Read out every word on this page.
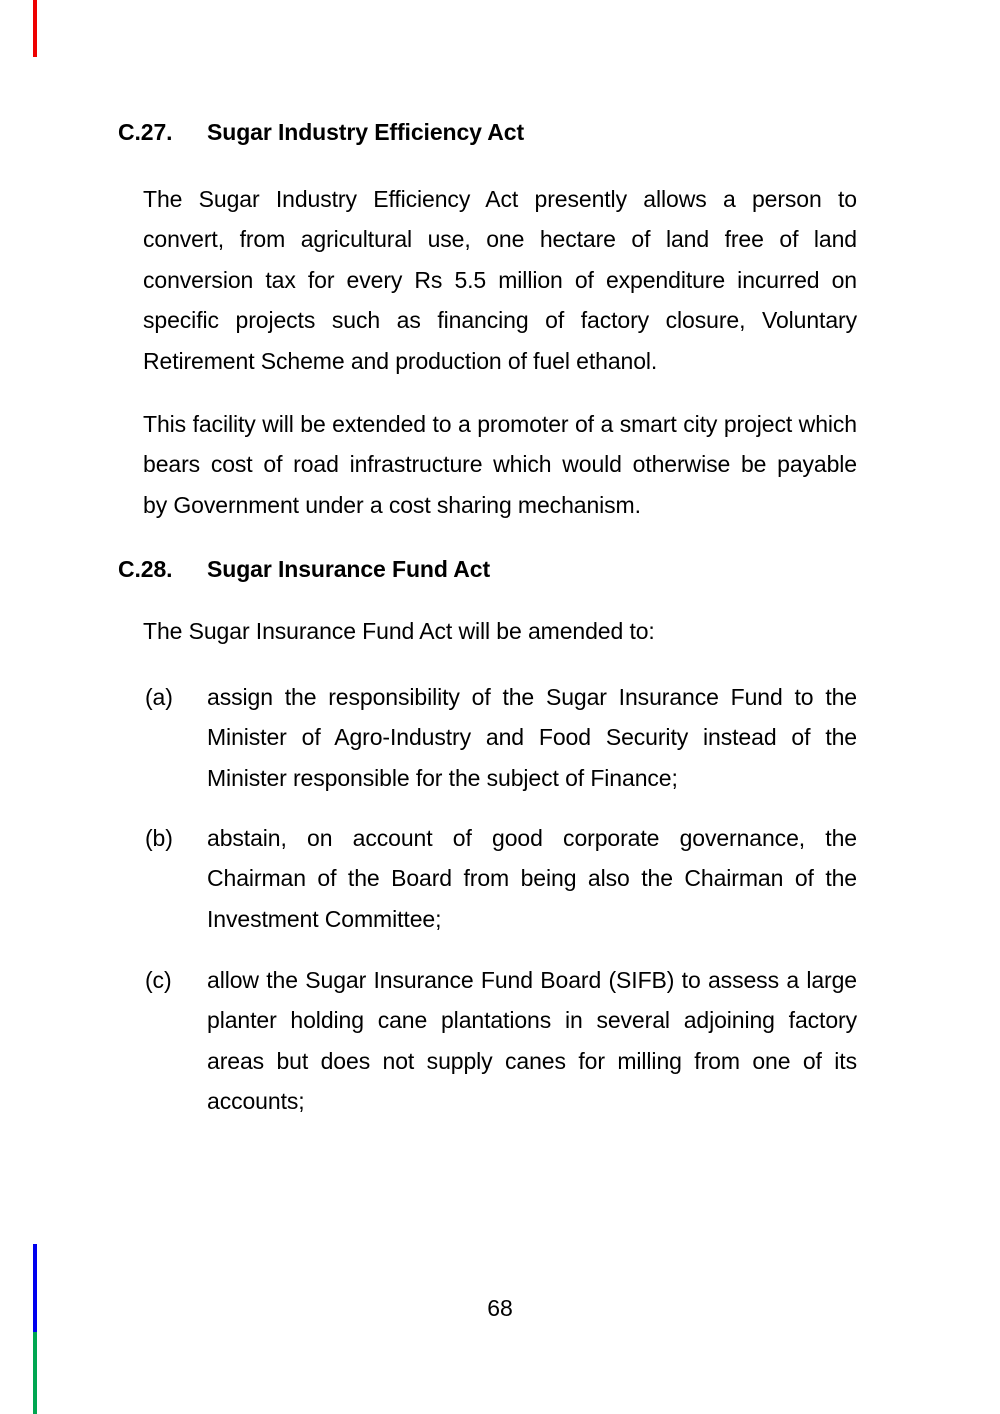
C.27. Sugar Industry Efficiency Act
The Sugar Industry Efficiency Act presently allows a person to
convert, from agricultural use, one hectare of land free of land
conversion tax for every Rs 5.5 million of expenditure incurred on
specific projects such as financing of factory closure, Voluntary
Retirement Scheme and production of fuel ethanol.
This facility will be extended to a promoter of a smart city project which
bears cost of road infrastructure which would otherwise be payable
by Government under a cost sharing mechanism.
C.28. Sugar Insurance Fund Act
The Sugar Insurance Fund Act will be amended to:
(a) assign the responsibility of the Sugar Insurance Fund to the
Minister of Agro-Industry and Food Security instead of the
Minister responsible for the subject of Finance;
(b) abstain, on account of good corporate governance, the
Chairman of the Board from being also the Chairman of the
Investment Committee;
(c) allow the Sugar Insurance Fund Board (SIFB) to assess a large
planter holding cane plantations in several adjoining factory
areas but does not supply canes for milling from one of its
accounts;
68
